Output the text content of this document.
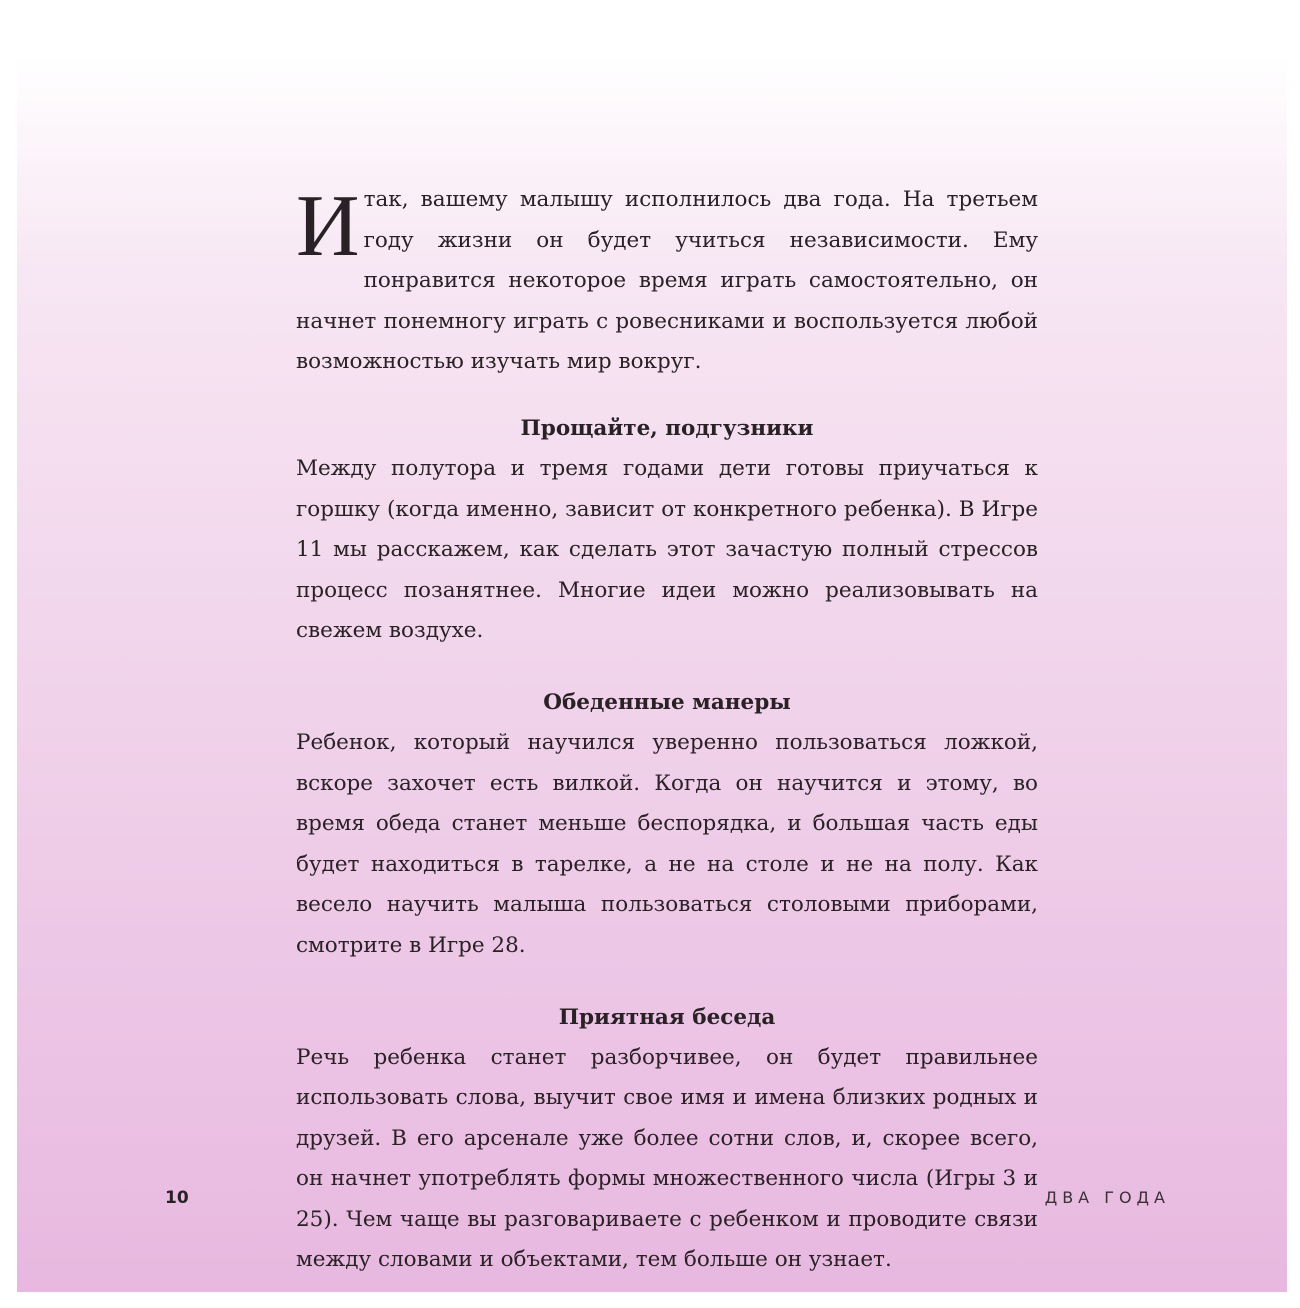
Итак, вашему малышу исполнилось два года. На третьем году жизни он будет учиться независимости. Ему понравится некоторое время играть самостоятельно, он начнет понемногу играть с ровесниками и воспользуется любой возможностью изучать мир вокруг.

Прощайте, подгузники

Между полутора и тремя годами дети готовы приучаться к горшку (когда именно, зависит от конкретного ребенка). В Игре 11 мы расскажем, как сделать этот зачастую полный стрессов процесс позанятнее. Многие идеи можно реализовывать на свежем воздухе.

Обеденные манеры

Ребенок, который научился уверенно пользоваться ложкой, вскоре захочет есть вилкой. Когда он научится и этому, во время обеда станет меньше беспорядка, и большая часть еды будет находиться в тарелке, а не на столе и не на полу. Как весело научить малыша пользоваться столовыми приборами, смотрите в Игре 28.

Приятная беседа

Речь ребенка станет разборчивее, он будет правильнее использовать слова, выучит свое имя и имена близких родных и друзей. В его арсенале уже более сотни слов, и, скорее всего, он начнет употреблять формы множественного числа (Игры 3 и 25). Чем чаще вы разговариваете с ребенком и проводите связи между словами и объектами, тем больше он узнает.

10	ДВА ГОДА
